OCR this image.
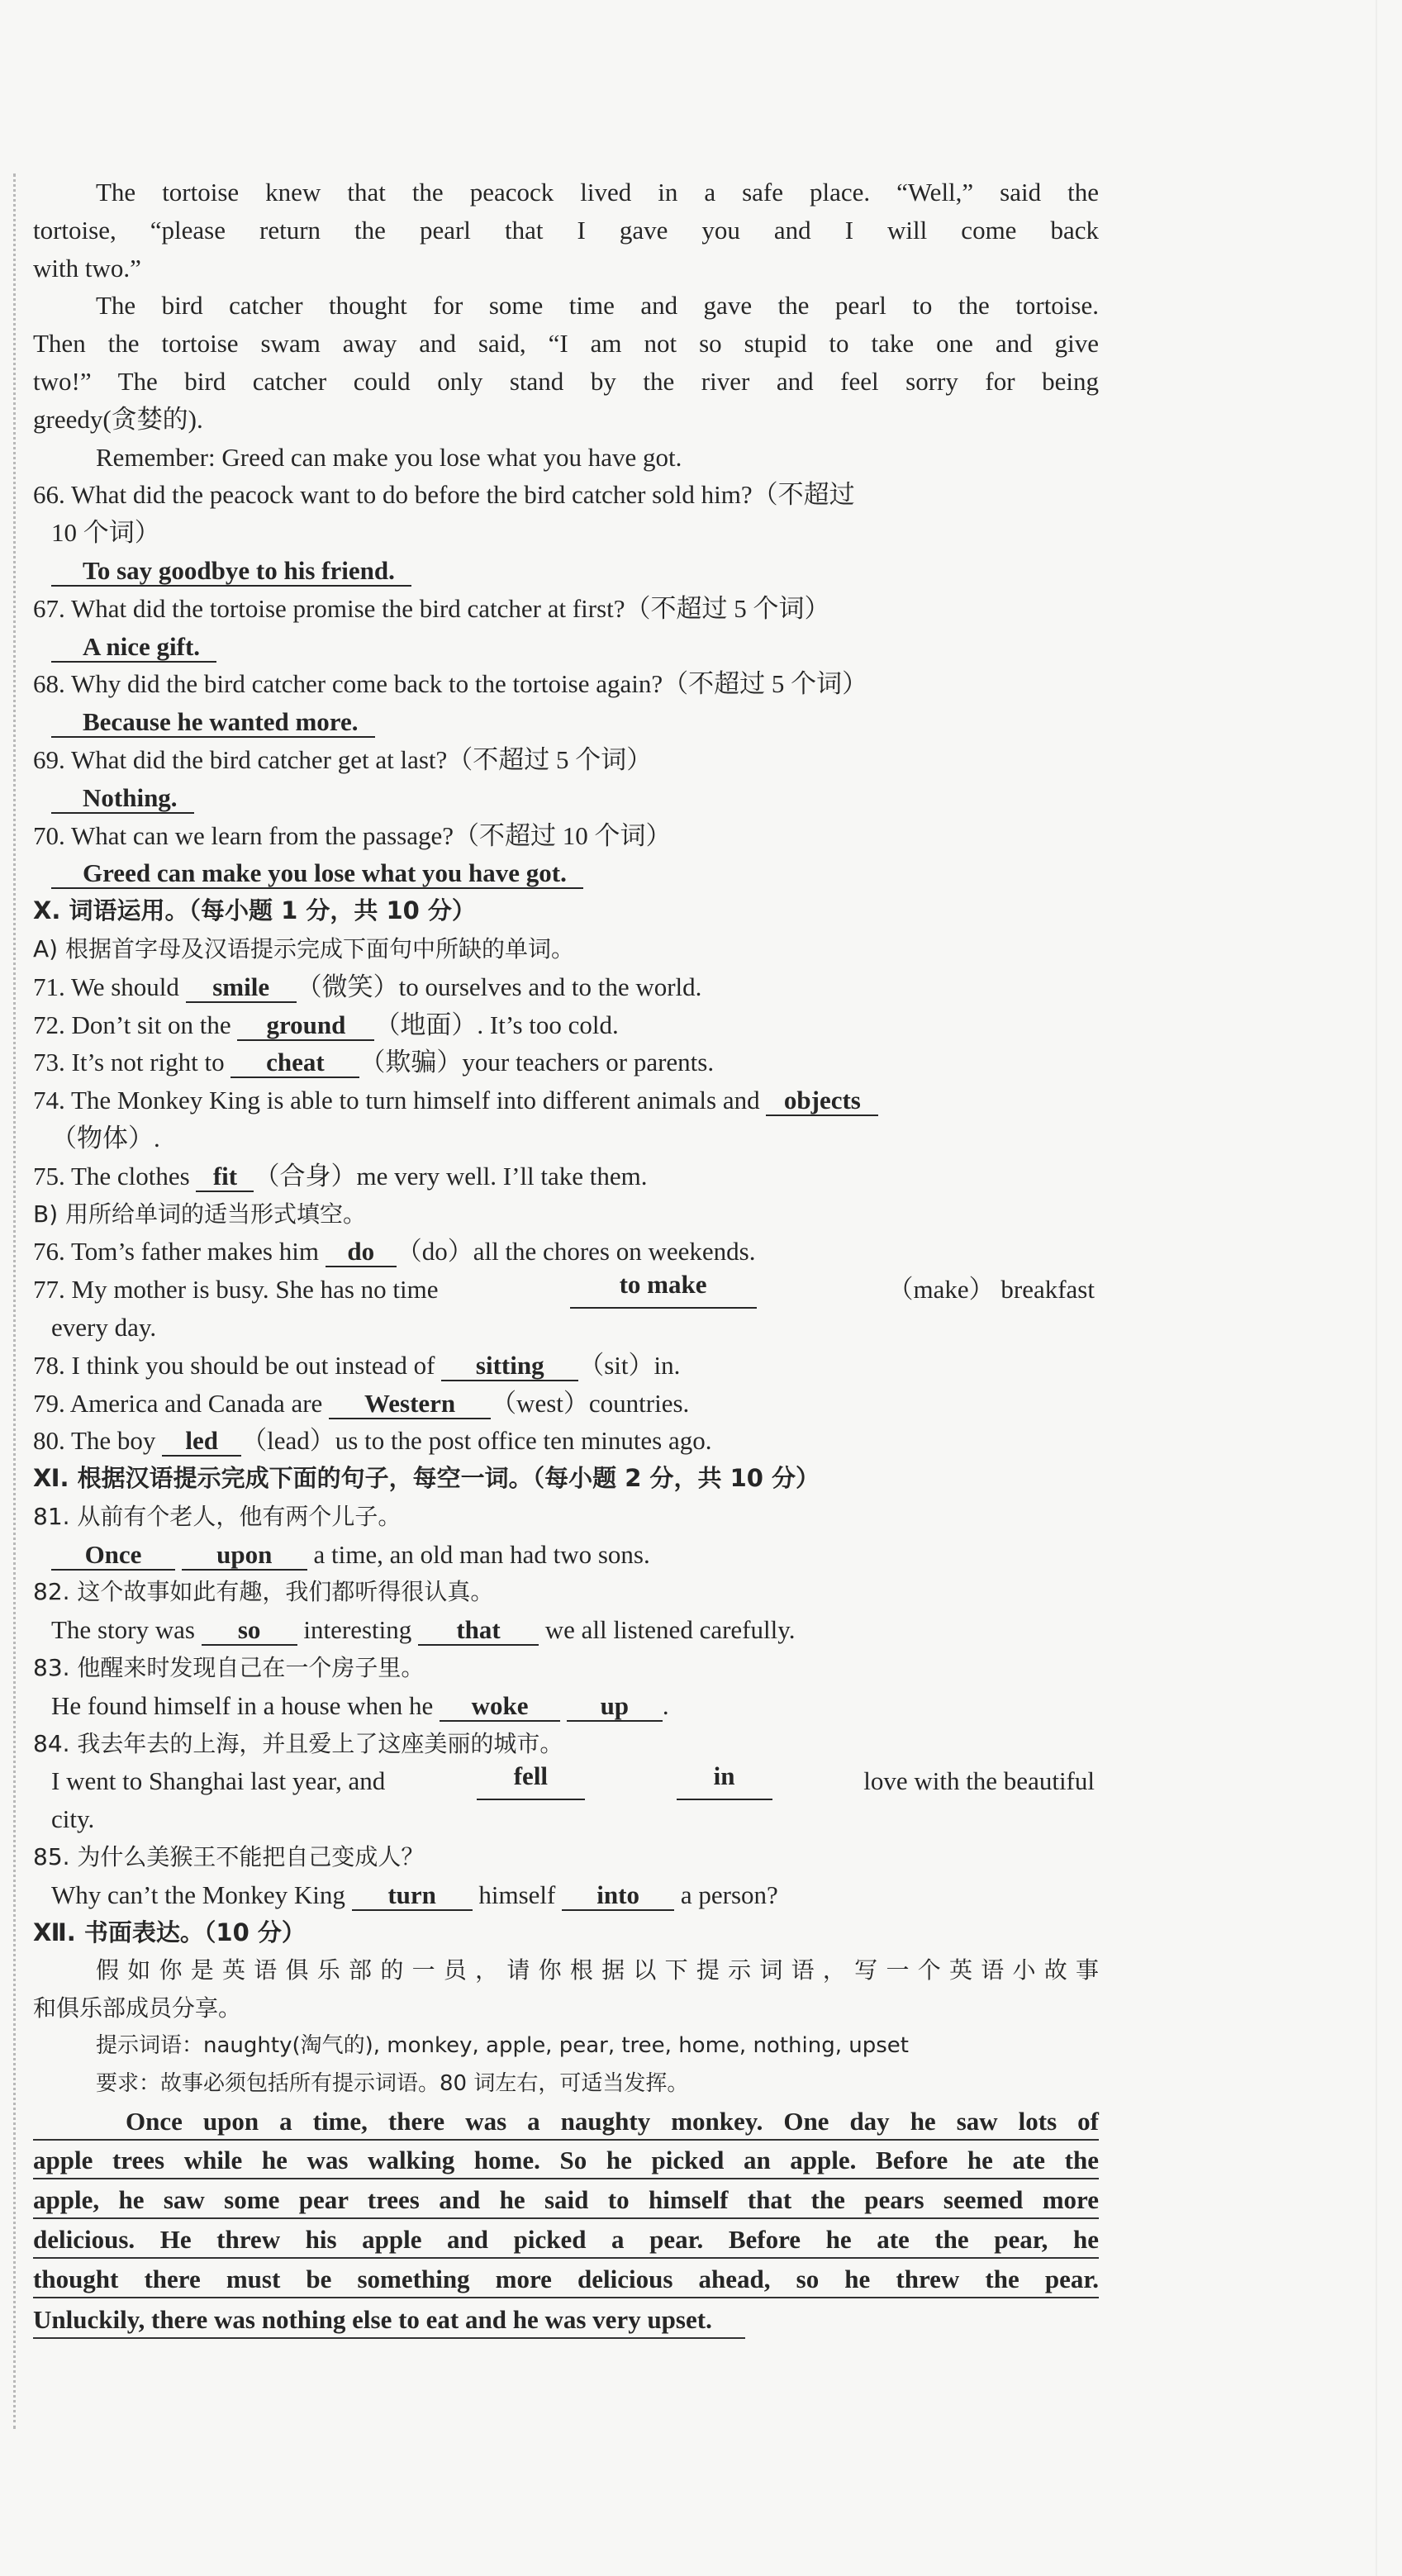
The tortoise knew that the peacock lived in a safe place. “Well,” said the
tortoise, “please return the pearl that I gave you and I will come back
with two.”
The bird catcher thought for some time and gave the pearl to the tortoise.
Then the tortoise swam away and said, “I am not so stupid to take one and give
two!” The bird catcher could only stand by the river and feel sorry for being
greedy(贪婪的).
Remember: Greed can make you lose what you have got.
66. What did the peacock want to do before the bird catcher sold him?（不超过
10 个词）
To say goodbye to his friend.
67. What did the tortoise promise the bird catcher at first?（不超过 5 个词）
A nice gift.
68. Why did the bird catcher come back to the tortoise again?（不超过 5 个词）
Because he wanted more.
69. What did the bird catcher get at last?（不超过 5 个词）
Nothing.
70. What can we learn from the passage?（不超过 10 个词）
Greed can make you lose what you have got.
Ⅹ. 词语运用。（每小题 1 分，共 10 分）
A) 根据首字母及汉语提示完成下面句中所缺的单词。
71. We should smile （微笑）to ourselves and to the world.
72. Don’t sit on the ground （地面）. It’s too cold.
73. It’s not right to cheat （欺骗）your teachers or parents.
74. The Monkey King is able to turn himself into different animals and objects
（物体）.
75. The clothes fit （合身）me very well. I’ll take them.
B) 用所给单词的适当形式填空。
76. Tom’s father makes him do （do）all the chores on weekends.
77. My mother is busy. She has no time	to make	（make） breakfast
every day.
78. I think you should be out instead of sitting （sit）in.
79. America and Canada are Western （west）countries.
80. The boy led （lead）us to the post office ten minutes ago.
Ⅺ. 根据汉语提示完成下面的句子，每空一词。（每小题 2 分，共 10 分）
81. 从前有个老人，他有两个儿子。
Once	upon a time, an old man had two sons.
82. 这个故事如此有趣，我们都听得很认真。
The story was so interesting that we all listened carefully.
83. 他醒来时发现自己在一个房子里。
He found himself in a house when he woke	up .
84. 我去年去的上海，并且爱上了这座美丽的城市。
I went to Shanghai last year, and	fell	in	love with the beautiful
city.
85. 为什么美猴王不能把自己变成人？
Why can’t the Monkey King turn himself into a person?
Ⅻ. 书面表达。（10 分）
假如你是英语俱乐部的一员，请你根据以下提示词语，写一个英语小故事
和俱乐部成员分享。
提示词语：naughty(淘气的), monkey, apple, pear, tree, home, nothing, upset
要求：故事必须包括所有提示词语。80 词左右，可适当发挥。
Once upon a time, there was a naughty monkey. One day he saw lots of
apple trees while he was walking home. So he picked an apple. Before he ate the
apple, he saw some pear trees and he said to himself that the pears seemed more
delicious. He threw his apple and picked a pear. Before he ate the pear, he
thought there must be something more delicious ahead, so he threw the pear.
Unluckily, there was nothing else to eat and he was very upset.
